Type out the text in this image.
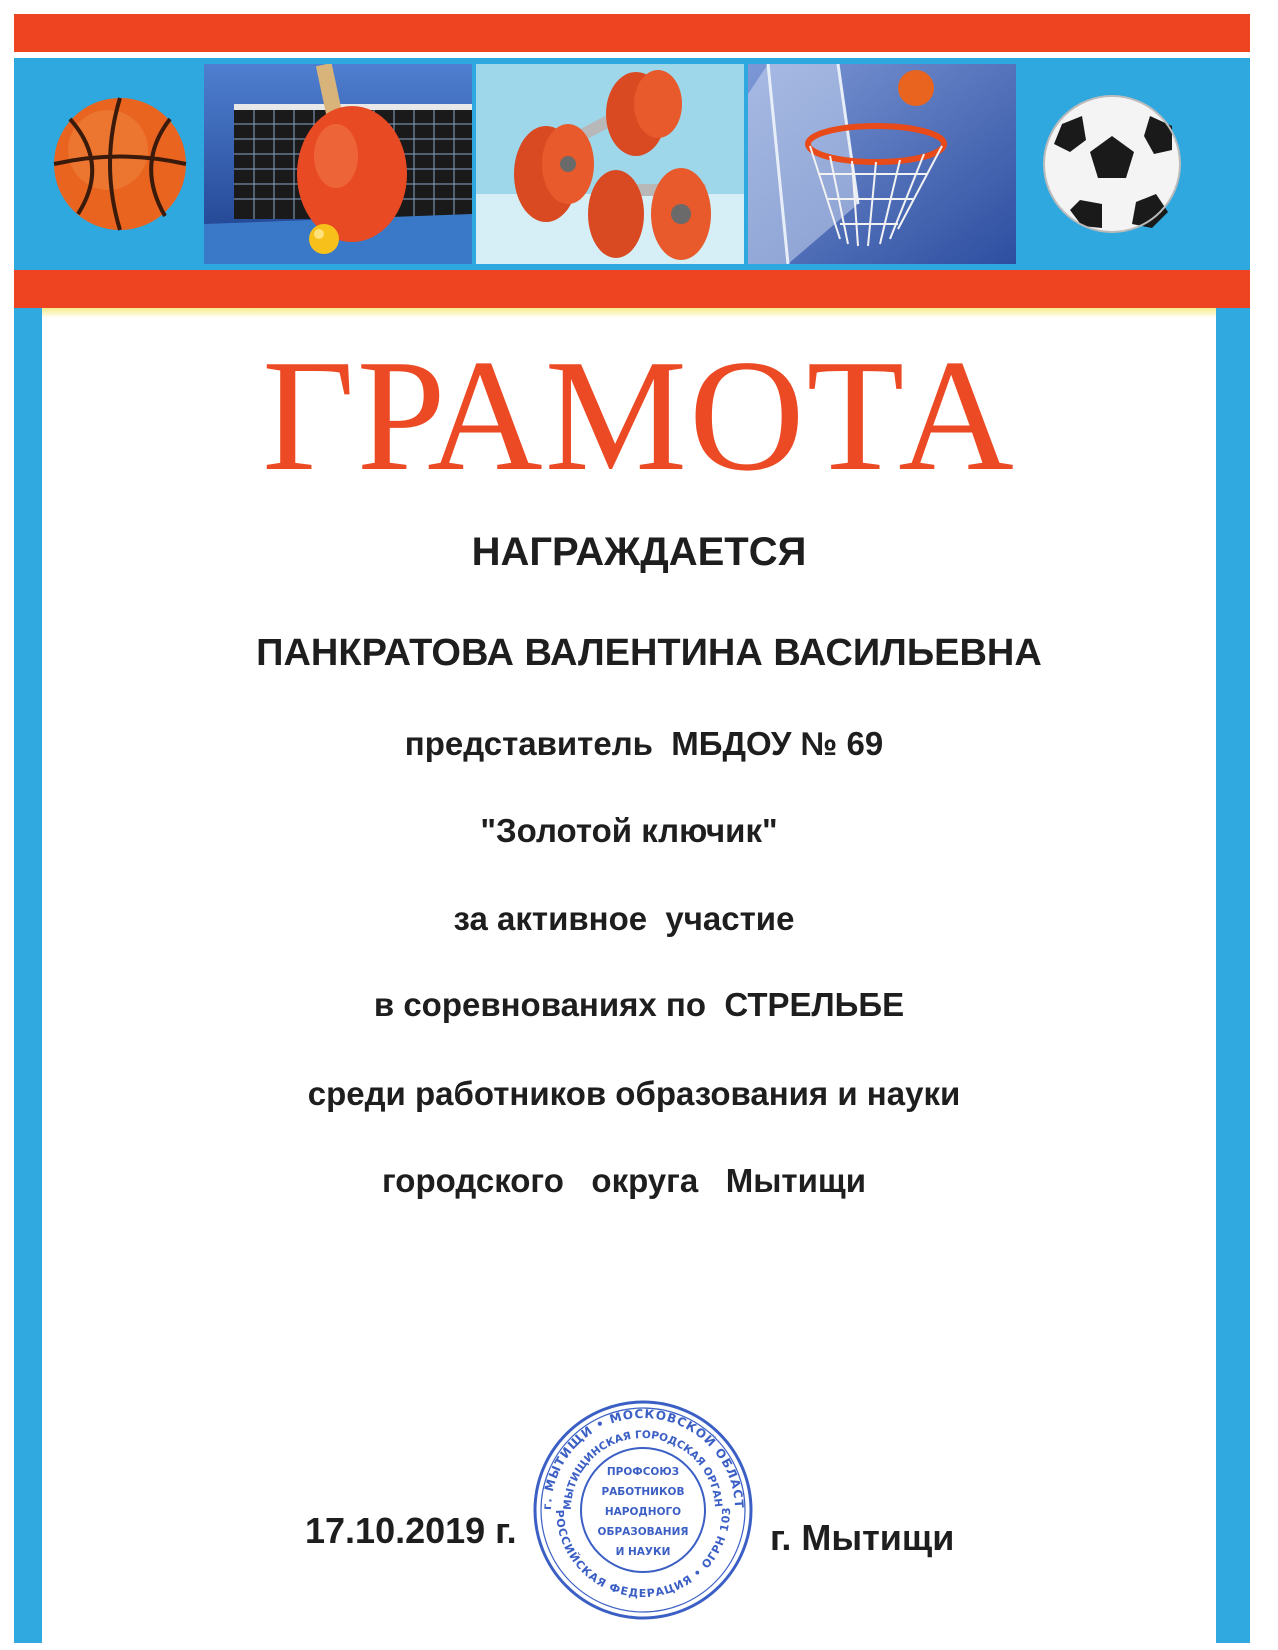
ГРАМОТА
НАГРАЖДАЕТСЯ
ПАНКРАТОВА ВАЛЕНТИНА ВАСИЛЬЕВНА
представитель  МБДОУ № 69
"Золотой ключик"
за активное  участие
в соревнованиях по  СТРЕЛЬБЕ
среди работников образования и науки
городского   округа   Мытищи
17.10.2019 г.	г. Мытищи
г. МЫТИЩИ • МОСКОВСКОЙ ОБЛАСТ
МЫТИЩИНСКАЯ ГОРОДСКАЯ ОРГАН
РОССИЙСКАЯ ФЕДЕРАЦИЯ • ОГРН 103
ПРОФСОЮЗ
РАБОТНИКОВ
НАРОДНОГО
ОБРАЗОВАНИЯ
И НАУКИ
